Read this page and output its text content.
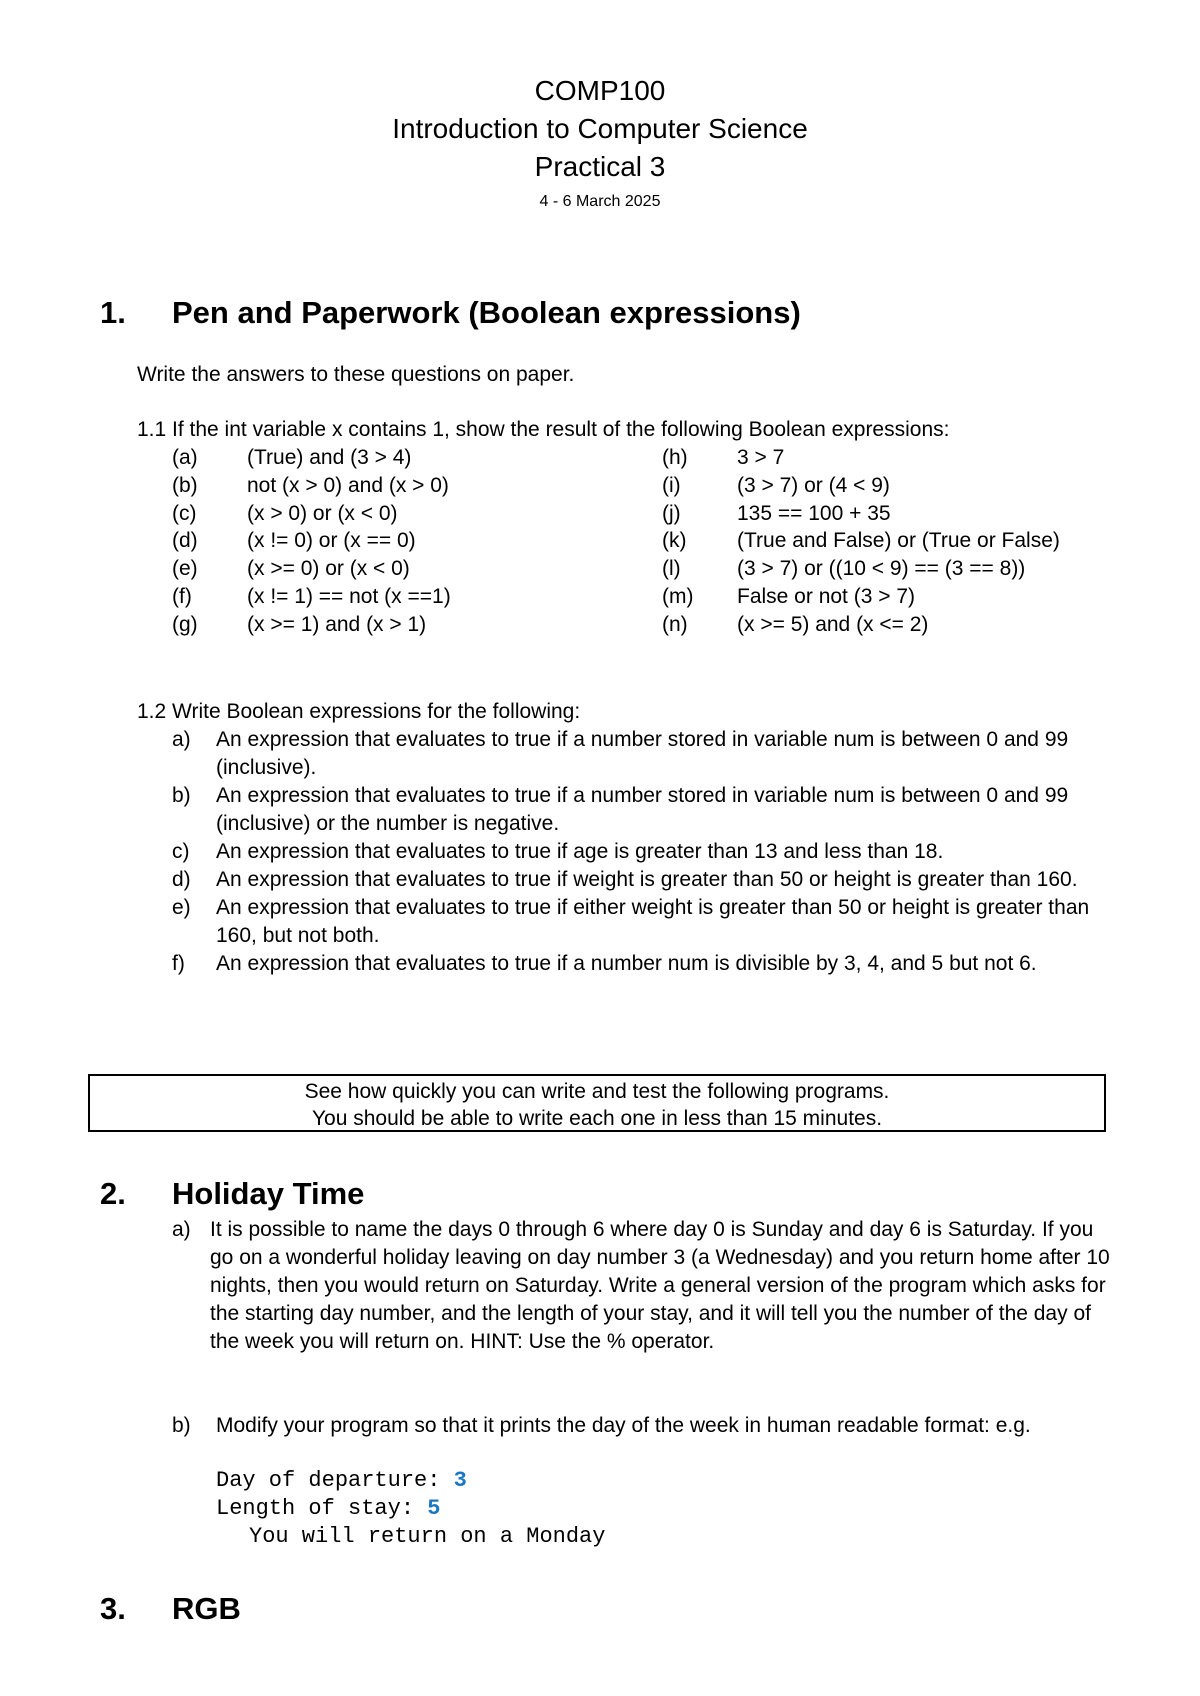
COMP100
Introduction to Computer Science
Practical 3
4 - 6 March 2025
1. Pen and Paperwork (Boolean expressions)
Write the answers to these questions on paper.
1.1 If the int variable x contains 1, show the result of the following Boolean expressions:
(a)	(True) and (3 > 4)
(b)	not (x > 0) and (x > 0)
(c)	(x > 0) or (x < 0)
(d)	(x != 0) or (x == 0)
(e)	(x >= 0) or (x < 0)
(f)	(x != 1) == not (x ==1)
(g)	(x >= 1) and (x > 1)
(h)	3 > 7
(i)	(3 > 7) or (4 < 9)
(j)	135 == 100 + 35
(k)	(True and False) or (True or False)
(l)	(3 > 7) or ((10 < 9) == (3 == 8))
(m)	False or not (3 > 7)
(n)	(x >= 5) and (x <= 2)
1.2 Write Boolean expressions for the following:
a)	An expression that evaluates to true if a number stored in variable num is between 0 and 99 (inclusive).
b)	An expression that evaluates to true if a number stored in variable num is between 0 and 99 (inclusive) or the number is negative.
c)	An expression that evaluates to true if age is greater than 13 and less than 18.
d)	An expression that evaluates to true if weight is greater than 50 or height is greater than 160.
e)	An expression that evaluates to true if either weight is greater than 50 or height is greater than 160, but not both.
f)	An expression that evaluates to true if a number num is divisible by 3, 4, and 5 but not 6.
See how quickly you can write and test the following programs.
You should be able to write each one in less than 15 minutes.
2. Holiday Time
a) It is possible to name the days 0 through 6 where day 0 is Sunday and day 6 is Saturday. If you go on a wonderful holiday leaving on day number 3 (a Wednesday) and you return home after 10 nights, then you would return on Saturday. Write a general version of the program which asks for the starting day number, and the length of your stay, and it will tell you the number of the day of the week you will return on. HINT: Use the % operator.
b)	Modify your program so that it prints the day of the week in human readable format: e.g.
Day of departure: 3
Length of stay: 5
You will return on a Monday
3. RGB
